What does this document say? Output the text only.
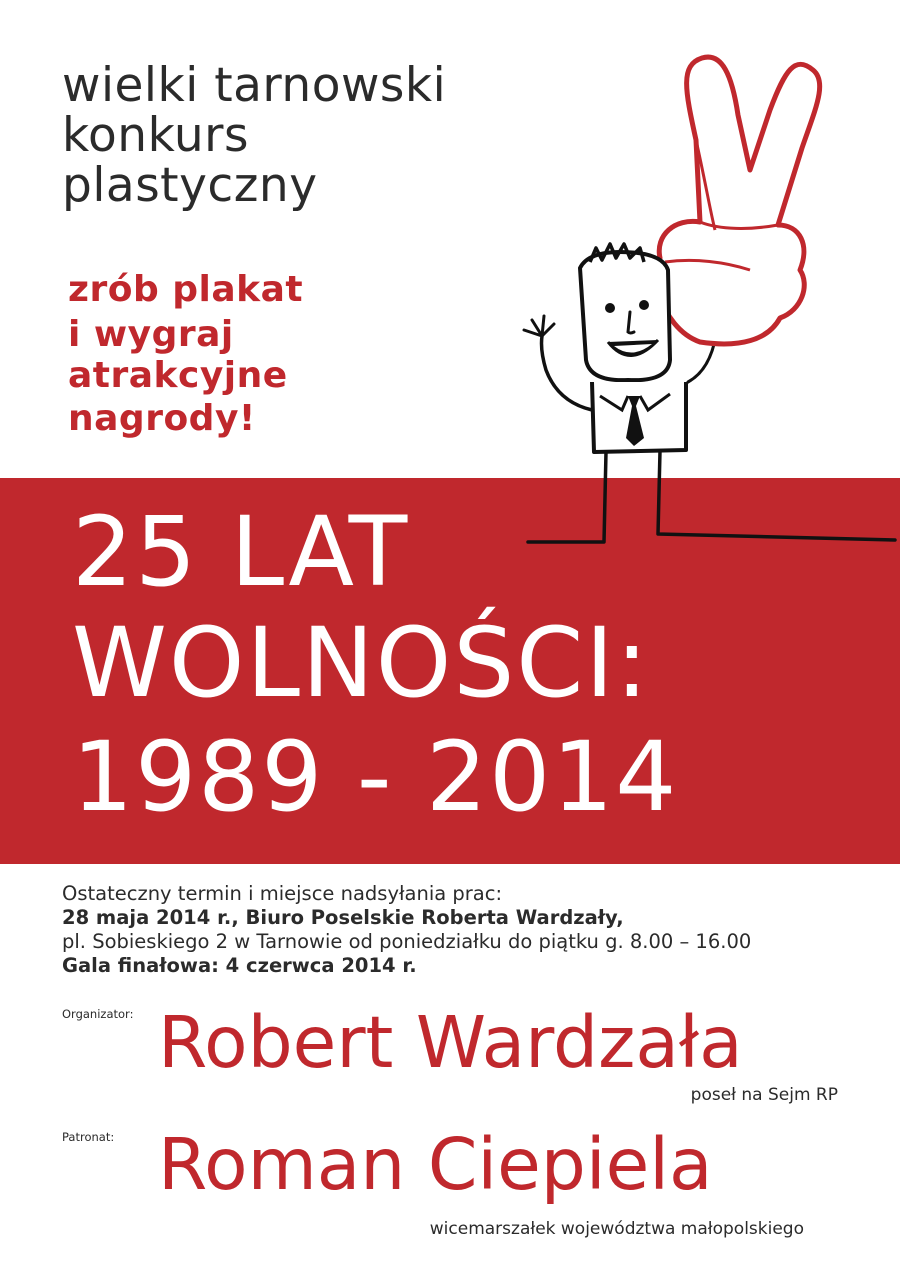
wielki tarnowski
konkurs
plastyczny
zrób plakat
i wygraj
atrakcyjne
nagrody!
25 LAT
WOLNOŚCI:
1989 - 2014
Ostateczny termin i miejsce nadsyłania prac:
28 maja 2014 r., Biuro Poselskie Roberta Wardzały,
pl. Sobieskiego 2 w Tarnowie od poniedziałku do piątku g. 8.00 – 16.00
Gala finałowa: 4 czerwca 2014 r.
Organizator: Robert Wardzała
poseł na Sejm RP
Patronat: Roman Ciepiela
wicemarszałek województwa małopolskiego
